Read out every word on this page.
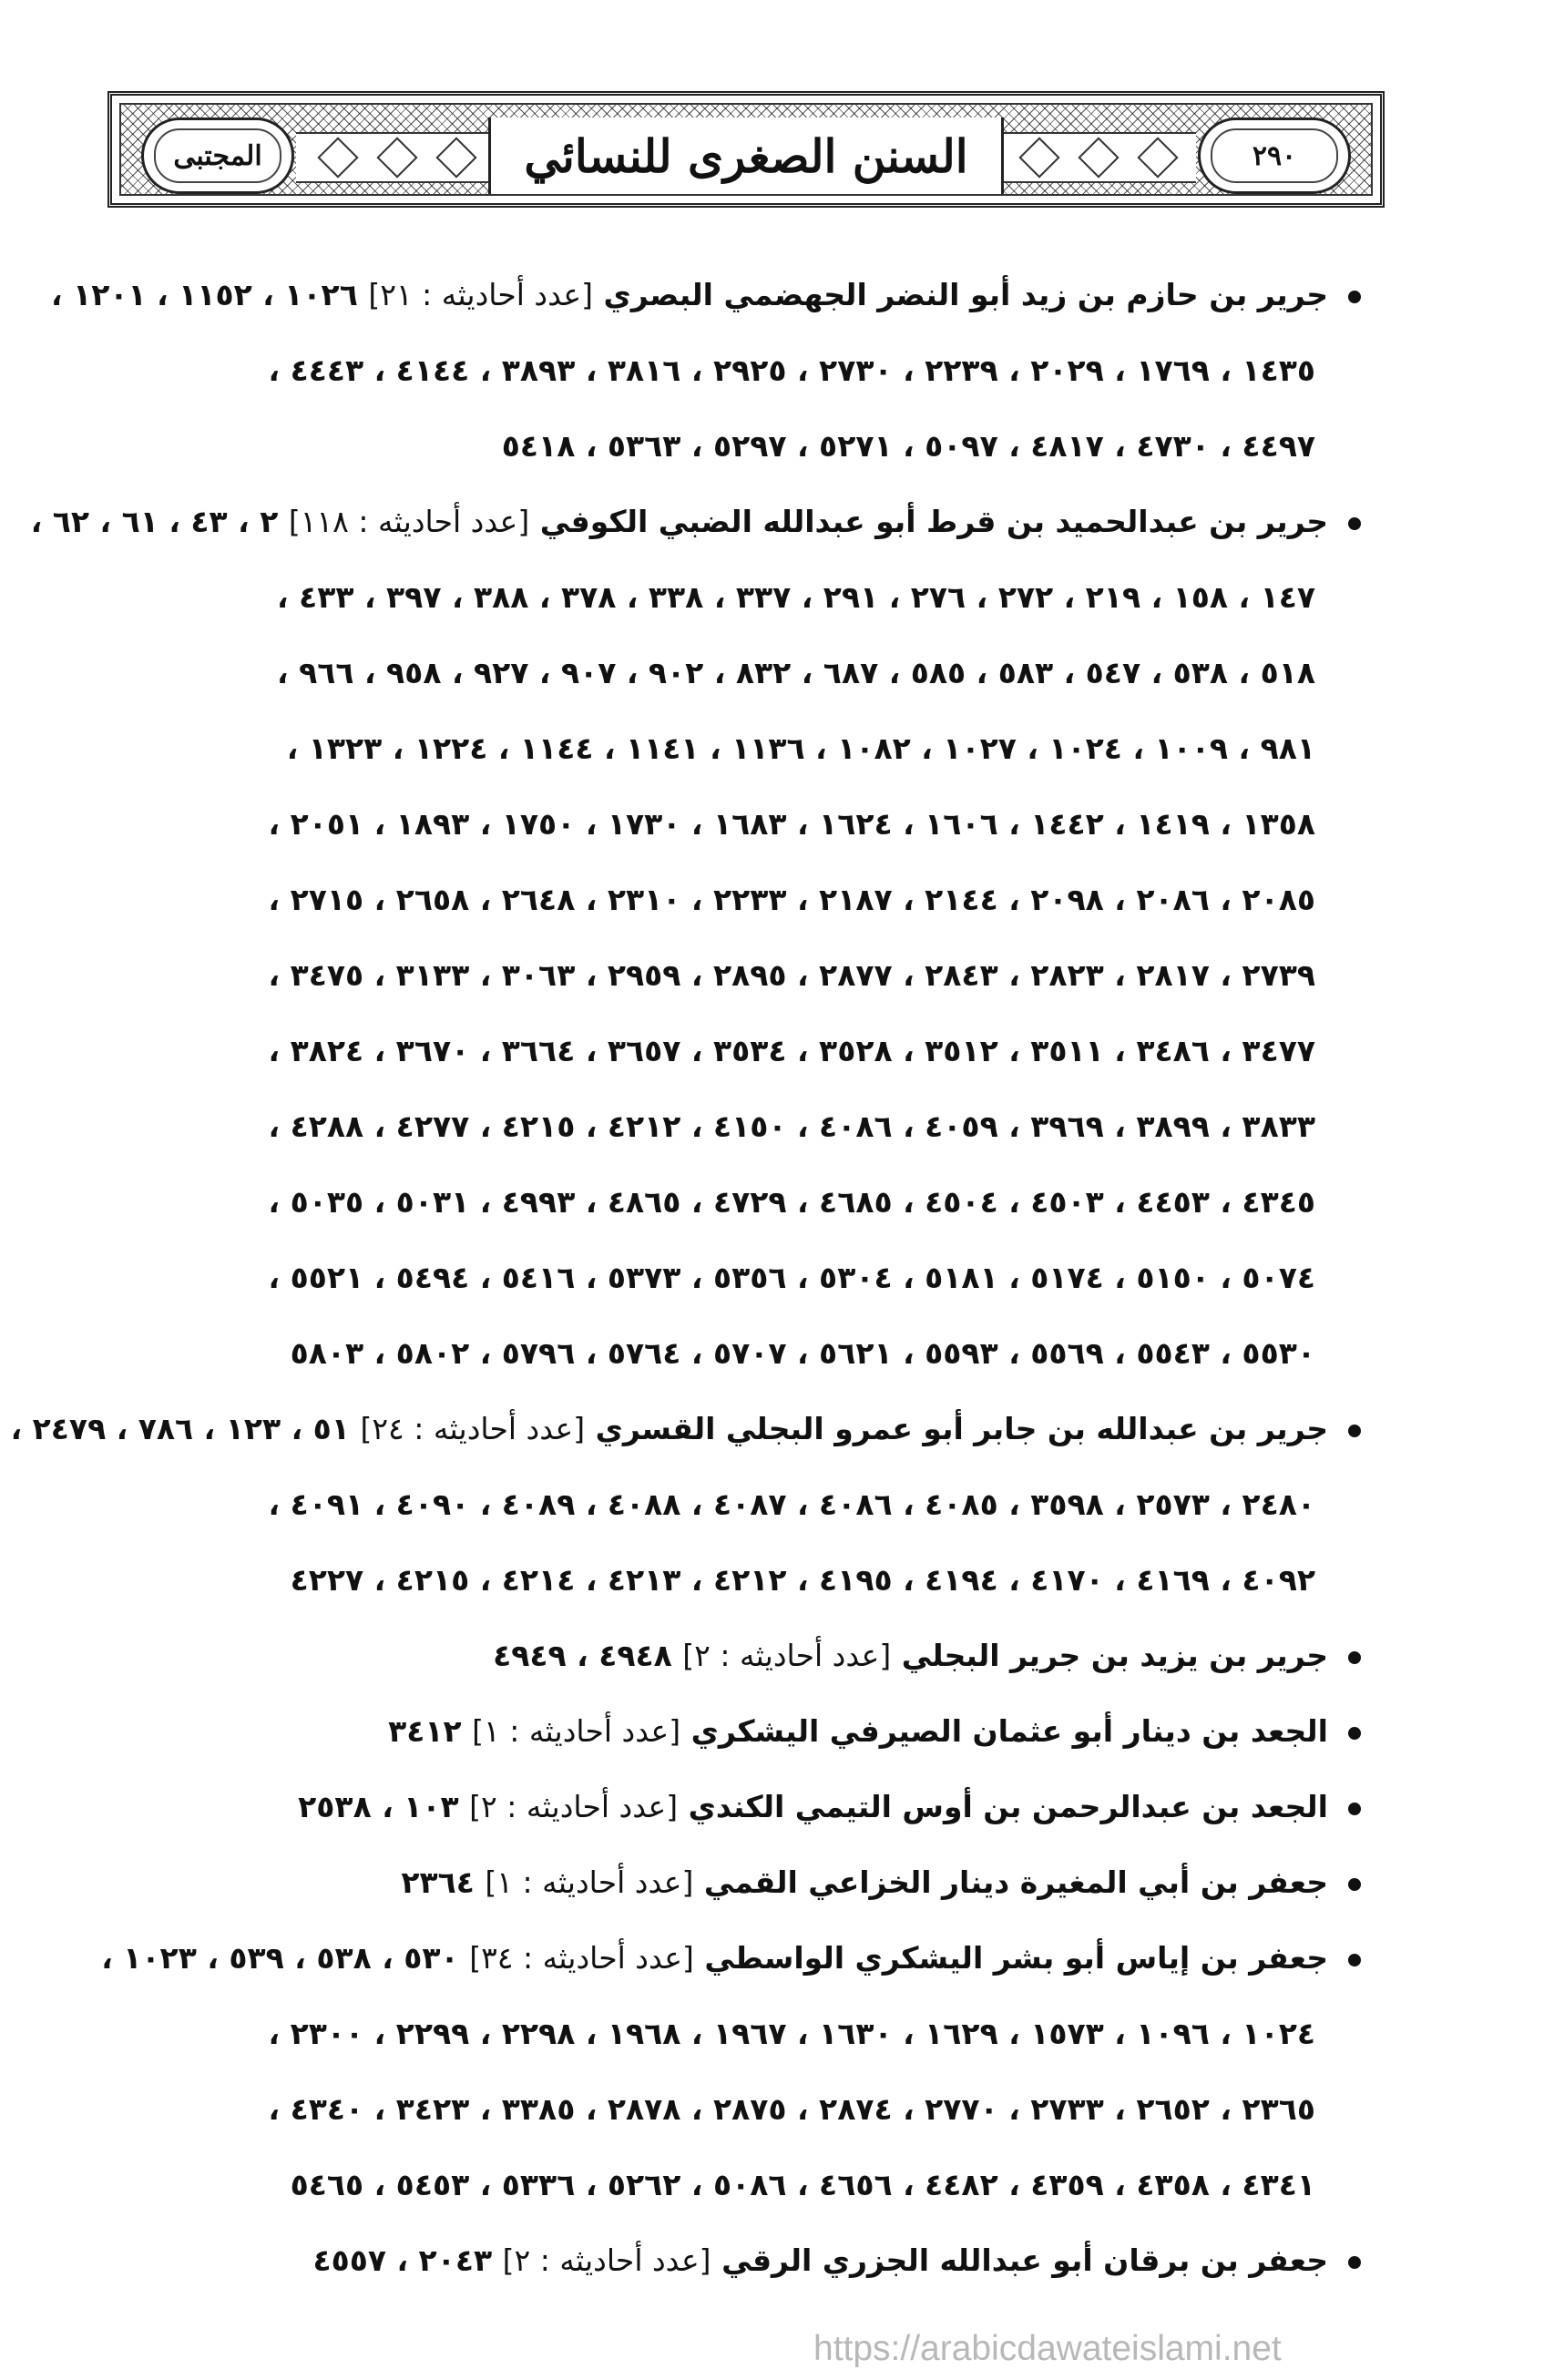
المجتبى	السنن الصغرى للنسائي	٢٩٠
جرير بن حازم بن زيد أبو النضر الجهضمي البصري [عدد أحاديثه : ٢١] ١٠٢٦ ، ١١٥٢ ، ١٢٠١ ،
١٤٣٥ ، ١٧٦٩ ، ٢٠٢٩ ، ٢٢٣٩ ، ٢٧٣٠ ، ٢٩٢٥ ، ٣٨١٦ ، ٣٨٩٣ ، ٤١٤٤ ، ٤٤٤٣ ،
٤٤٩٧ ، ٤٧٣٠ ، ٤٨١٧ ، ٥٠٩٧ ، ٥٢٧١ ، ٥٢٩٧ ، ٥٣٦٣ ، ٥٤١٨
جرير بن عبدالحميد بن قرط أبو عبدالله الضبي الكوفي [عدد أحاديثه : ١١٨] ٢ ، ٤٣ ، ٦١ ، ٦٢ ،
١٤٧ ، ١٥٨ ، ٢١٩ ، ٢٧٢ ، ٢٧٦ ، ٢٩١ ، ٣٣٧ ، ٣٣٨ ، ٣٧٨ ، ٣٨٨ ، ٣٩٧ ، ٤٣٣ ،
٥١٨ ، ٥٣٨ ، ٥٤٧ ، ٥٨٣ ، ٥٨٥ ، ٦٨٧ ، ٨٣٢ ، ٩٠٢ ، ٩٠٧ ، ٩٢٧ ، ٩٥٨ ، ٩٦٦ ،
٩٨١ ، ١٠٠٩ ، ١٠٢٤ ، ١٠٢٧ ، ١٠٨٢ ، ١١٣٦ ، ١١٤١ ، ١١٤٤ ، ١٢٢٤ ، ١٣٢٣ ،
١٣٥٨ ، ١٤١٩ ، ١٤٤٢ ، ١٦٠٦ ، ١٦٢٤ ، ١٦٨٣ ، ١٧٣٠ ، ١٧٥٠ ، ١٨٩٣ ، ٢٠٥١ ،
٢٠٨٥ ، ٢٠٨٦ ، ٢٠٩٨ ، ٢١٤٤ ، ٢١٨٧ ، ٢٢٣٣ ، ٢٣١٠ ، ٢٦٤٨ ، ٢٦٥٨ ، ٢٧١٥ ،
٢٧٣٩ ، ٢٨١٧ ، ٢٨٢٣ ، ٢٨٤٣ ، ٢٨٧٧ ، ٢٨٩٥ ، ٢٩٥٩ ، ٣٠٦٣ ، ٣١٣٣ ، ٣٤٧٥ ،
٣٤٧٧ ، ٣٤٨٦ ، ٣٥١١ ، ٣٥١٢ ، ٣٥٢٨ ، ٣٥٣٤ ، ٣٦٥٧ ، ٣٦٦٤ ، ٣٦٧٠ ، ٣٨٢٤ ،
٣٨٣٣ ، ٣٨٩٩ ، ٣٩٦٩ ، ٤٠٥٩ ، ٤٠٨٦ ، ٤١٥٠ ، ٤٢١٢ ، ٤٢١٥ ، ٤٢٧٧ ، ٤٢٨٨ ،
٤٣٤٥ ، ٤٤٥٣ ، ٤٥٠٣ ، ٤٥٠٤ ، ٤٦٨٥ ، ٤٧٢٩ ، ٤٨٦٥ ، ٤٩٩٣ ، ٥٠٣١ ، ٥٠٣٥ ،
٥٠٧٤ ، ٥١٥٠ ، ٥١٧٤ ، ٥١٨١ ، ٥٣٠٤ ، ٥٣٥٦ ، ٥٣٧٣ ، ٥٤١٦ ، ٥٤٩٤ ، ٥٥٢١ ،
٥٥٣٠ ، ٥٥٤٣ ، ٥٥٦٩ ، ٥٥٩٣ ، ٥٦٢١ ، ٥٧٠٧ ، ٥٧٦٤ ، ٥٧٩٦ ، ٥٨٠٢ ، ٥٨٠٣
جرير بن عبدالله بن جابر أبو عمرو البجلي القسري [عدد أحاديثه : ٢٤] ٥١ ، ١٢٣ ، ٧٨٦ ، ٢٤٧٩ ،
٢٤٨٠ ، ٢٥٧٣ ، ٣٥٩٨ ، ٤٠٨٥ ، ٤٠٨٦ ، ٤٠٨٧ ، ٤٠٨٨ ، ٤٠٨٩ ، ٤٠٩٠ ، ٤٠٩١ ،
٤٠٩٢ ، ٤١٦٩ ، ٤١٧٠ ، ٤١٩٤ ، ٤١٩٥ ، ٤٢١٢ ، ٤٢١٣ ، ٤٢١٤ ، ٤٢١٥ ، ٤٢٢٧
جرير بن يزيد بن جرير البجلي [عدد أحاديثه : ٢] ٤٩٤٨ ، ٤٩٤٩
الجعد بن دينار أبو عثمان الصيرفي اليشكري [عدد أحاديثه : ١] ٣٤١٢
الجعد بن عبدالرحمن بن أوس التيمي الكندي [عدد أحاديثه : ٢] ١٠٣ ، ٢٥٣٨
جعفر بن أبي المغيرة دينار الخزاعي القمي [عدد أحاديثه : ١] ٢٣٦٤
جعفر بن إياس أبو بشر اليشكري الواسطي [عدد أحاديثه : ٣٤] ٥٣٠ ، ٥٣٨ ، ٥٣٩ ، ١٠٢٣ ،
١٠٢٤ ، ١٠٩٦ ، ١٥٧٣ ، ١٦٢٩ ، ١٦٣٠ ، ١٩٦٧ ، ١٩٦٨ ، ٢٢٩٨ ، ٢٢٩٩ ، ٢٣٠٠ ،
٢٣٦٥ ، ٢٦٥٢ ، ٢٧٣٣ ، ٢٧٧٠ ، ٢٨٧٤ ، ٢٨٧٥ ، ٢٨٧٨ ، ٣٣٨٥ ، ٣٤٢٣ ، ٤٣٤٠ ،
٤٣٤١ ، ٤٣٥٨ ، ٤٣٥٩ ، ٤٤٨٢ ، ٤٦٥٦ ، ٥٠٨٦ ، ٥٢٦٢ ، ٥٣٣٦ ، ٥٤٥٣ ، ٥٤٦٥
جعفر بن برقان أبو عبدالله الجزري الرقي [عدد أحاديثه : ٢] ٢٠٤٣ ، ٤٥٥٧
https://arabicdawateislami.net
